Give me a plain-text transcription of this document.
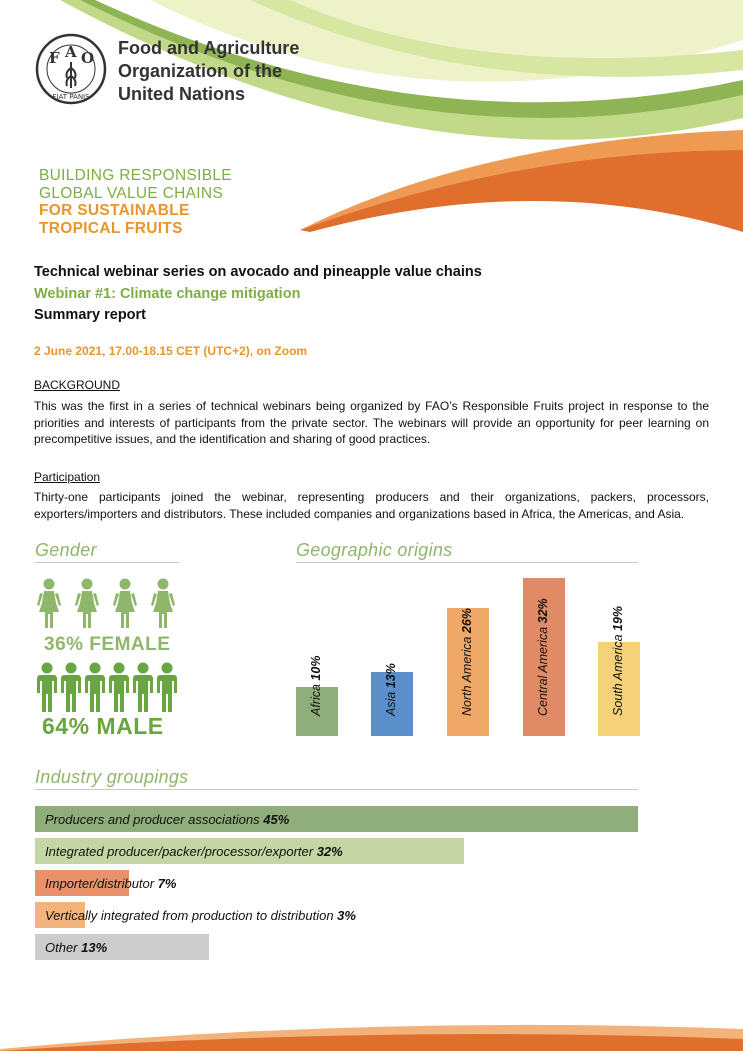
F A O
FIAT PANIS
Food and Agriculture
Organization of the
United Nations
BUILDING RESPONSIBLE
GLOBAL VALUE CHAINS
FOR SUSTAINABLE
TROPICAL FRUITS
Technical webinar series on avocado and pineapple value chains
Webinar #1: Climate change mitigation
Summary report
2 June 2021, 17.00-18.15 CET (UTC+2), on Zoom
BACKGROUND
This was the first in a series of technical webinars being organized by FAO’s Responsible Fruits project in response to the priorities and interests of participants from the private sector. The webinars will provide an opportunity for peer learning on precompetitive issues, and the identification and sharing of good practices.
Participation
Thirty-one participants joined the webinar, representing producers and their organizations, packers, processors, exporters/importers and distributors. These included companies and organizations based in Africa, the Americas, and Asia.
Gender
36% FEMALE
64% MALE
Geographic origins
Africa 10%
Asia 13%	North America 26%
Central America 32%
South America 19%
Industry groupings
Producers and producer associations 45%
Integrated producer/packer/processor/exporter 32%
Importer/distributor 7%
Vertically integrated from production to distribution 3%
Other 13%
